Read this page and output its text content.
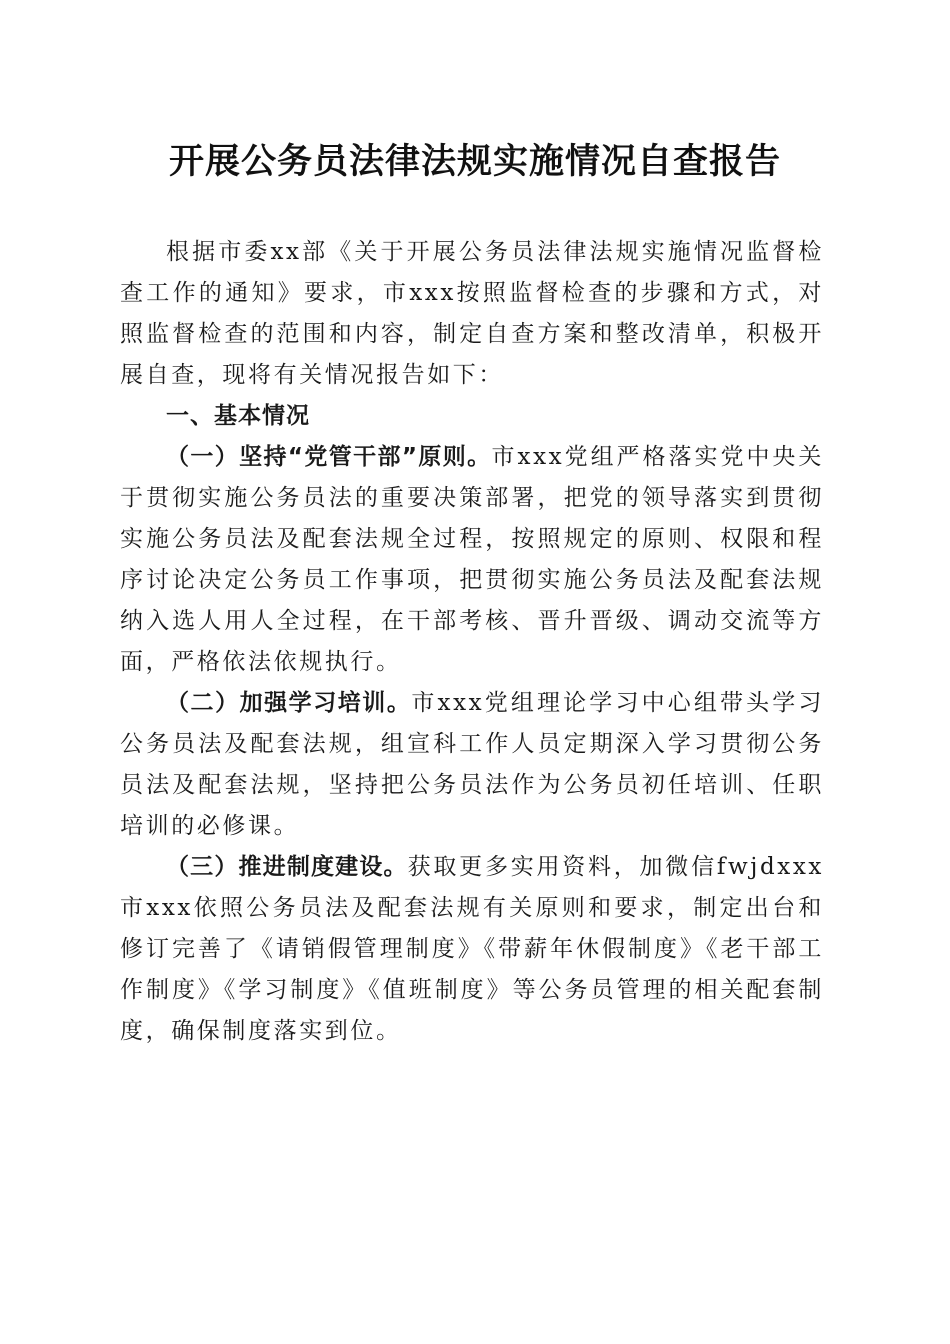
开展公务员法律法规实施情况自查报告

根据市委xx部《关于开展公务员法律法规实施情况监督检查工作的通知》要求，市xxx按照监督检查的步骤和方式，对照监督检查的范围和内容，制定自查方案和整改清单，积极开展自查，现将有关情况报告如下：

一、基本情况

（一）坚持“党管干部”原则。市xxx党组严格落实党中央关于贯彻实施公务员法的重要决策部署，把党的领导落实到贯彻实施公务员法及配套法规全过程，按照规定的原则、权限和程序讨论决定公务员工作事项，把贯彻实施公务员法及配套法规纳入选人用人全过程，在干部考核、晋升晋级、调动交流等方面，严格依法依规执行。

（二）加强学习培训。市xxx党组理论学习中心组带头学习公务员法及配套法规，组宣科工作人员定期深入学习贯彻公务员法及配套法规，坚持把公务员法作为公务员初任培训、任职培训的必修课。

（三）推进制度建设。获取更多实用资料，加微信fwjdxxx市xxx依照公务员法及配套法规有关原则和要求，制定出台和修订完善了《请销假管理制度》《带薪年休假制度》《老干部工作制度》《学习制度》《值班制度》等公务员管理的相关配套制度，确保制度落实到位。
